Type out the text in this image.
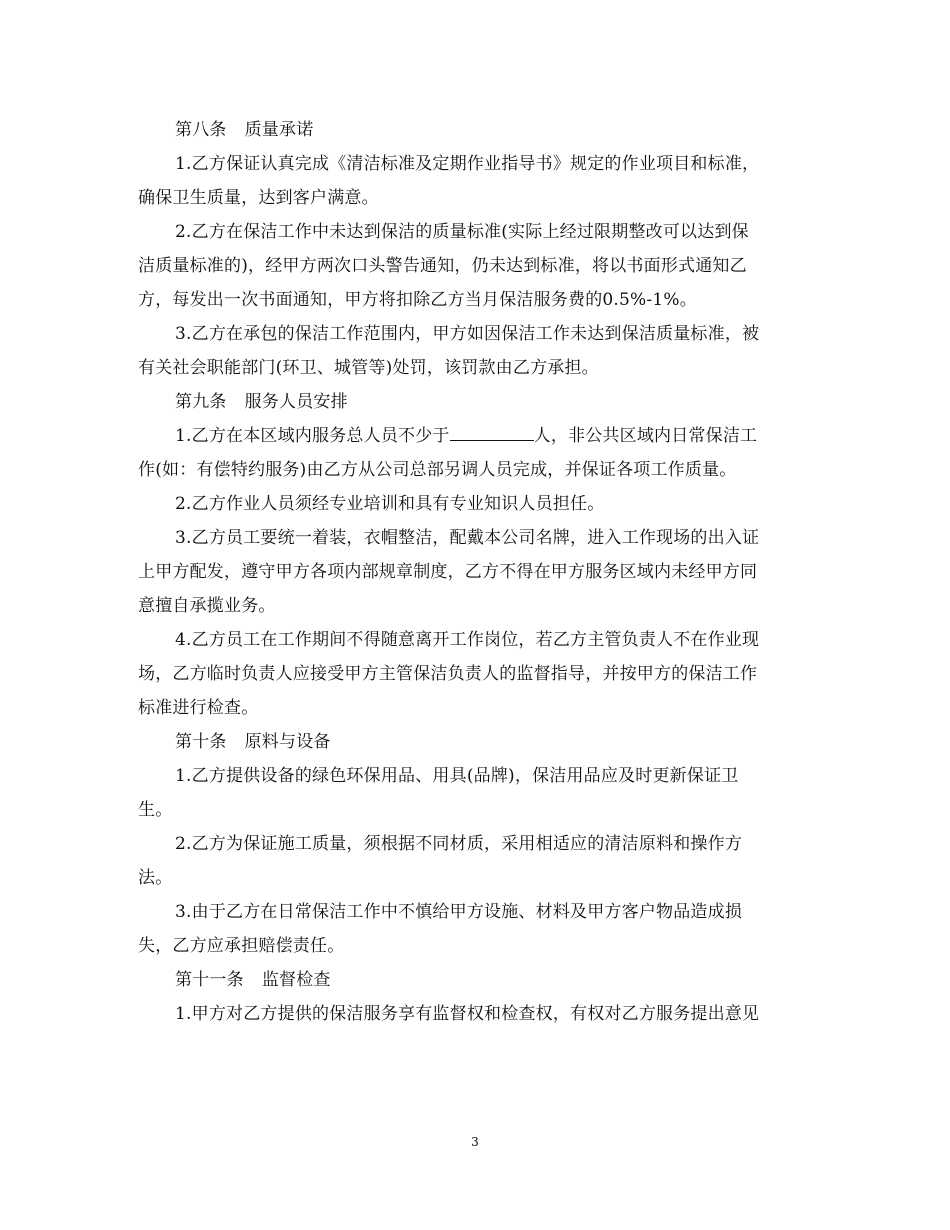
第八条 质量承诺
1.乙方保证认真完成《清洁标准及定期作业指导书》规定的作业项目和标准，
确保卫生质量，达到客户满意。
2.乙方在保洁工作中未达到保洁的质量标准(实际上经过限期整改可以达到保
洁质量标准的)，经甲方两次口头警告通知，仍未达到标准，将以书面形式通知乙
方，每发出一次书面通知，甲方将扣除乙方当月保洁服务费的0.5%-1%。
3.乙方在承包的保洁工作范围内，甲方如因保洁工作未达到保洁质量标准，被
有关社会职能部门(环卫、城管等)处罚，该罚款由乙方承担。
第九条 服务人员安排
1.乙方在本区域内服务总人员不少于	人，非公共区域内日常保洁工
作(如：有偿特约服务)由乙方从公司总部另调人员完成，并保证各项工作质量。
2.乙方作业人员须经专业培训和具有专业知识人员担任。
3.乙方员工要统一着装，衣帽整洁，配戴本公司名牌，进入工作现场的出入证
上甲方配发，遵守甲方各项内部规章制度，乙方不得在甲方服务区域内未经甲方同
意擅自承揽业务。
4.乙方员工在工作期间不得随意离开工作岗位，若乙方主管负责人不在作业现
场，乙方临时负责人应接受甲方主管保洁负责人的监督指导，并按甲方的保洁工作
标准进行检查。
第十条 原料与设备
1.乙方提供设备的绿色环保用品、用具(品牌)，保洁用品应及时更新保证卫
生。
2.乙方为保证施工质量，须根据不同材质，采用相适应的清洁原料和操作方
法。
3.由于乙方在日常保洁工作中不慎给甲方设施、材料及甲方客户物品造成损
失，乙方应承担赔偿责任。
第十一条 监督检查
1.甲方对乙方提供的保洁服务享有监督权和检查权，有权对乙方服务提出意见
3
